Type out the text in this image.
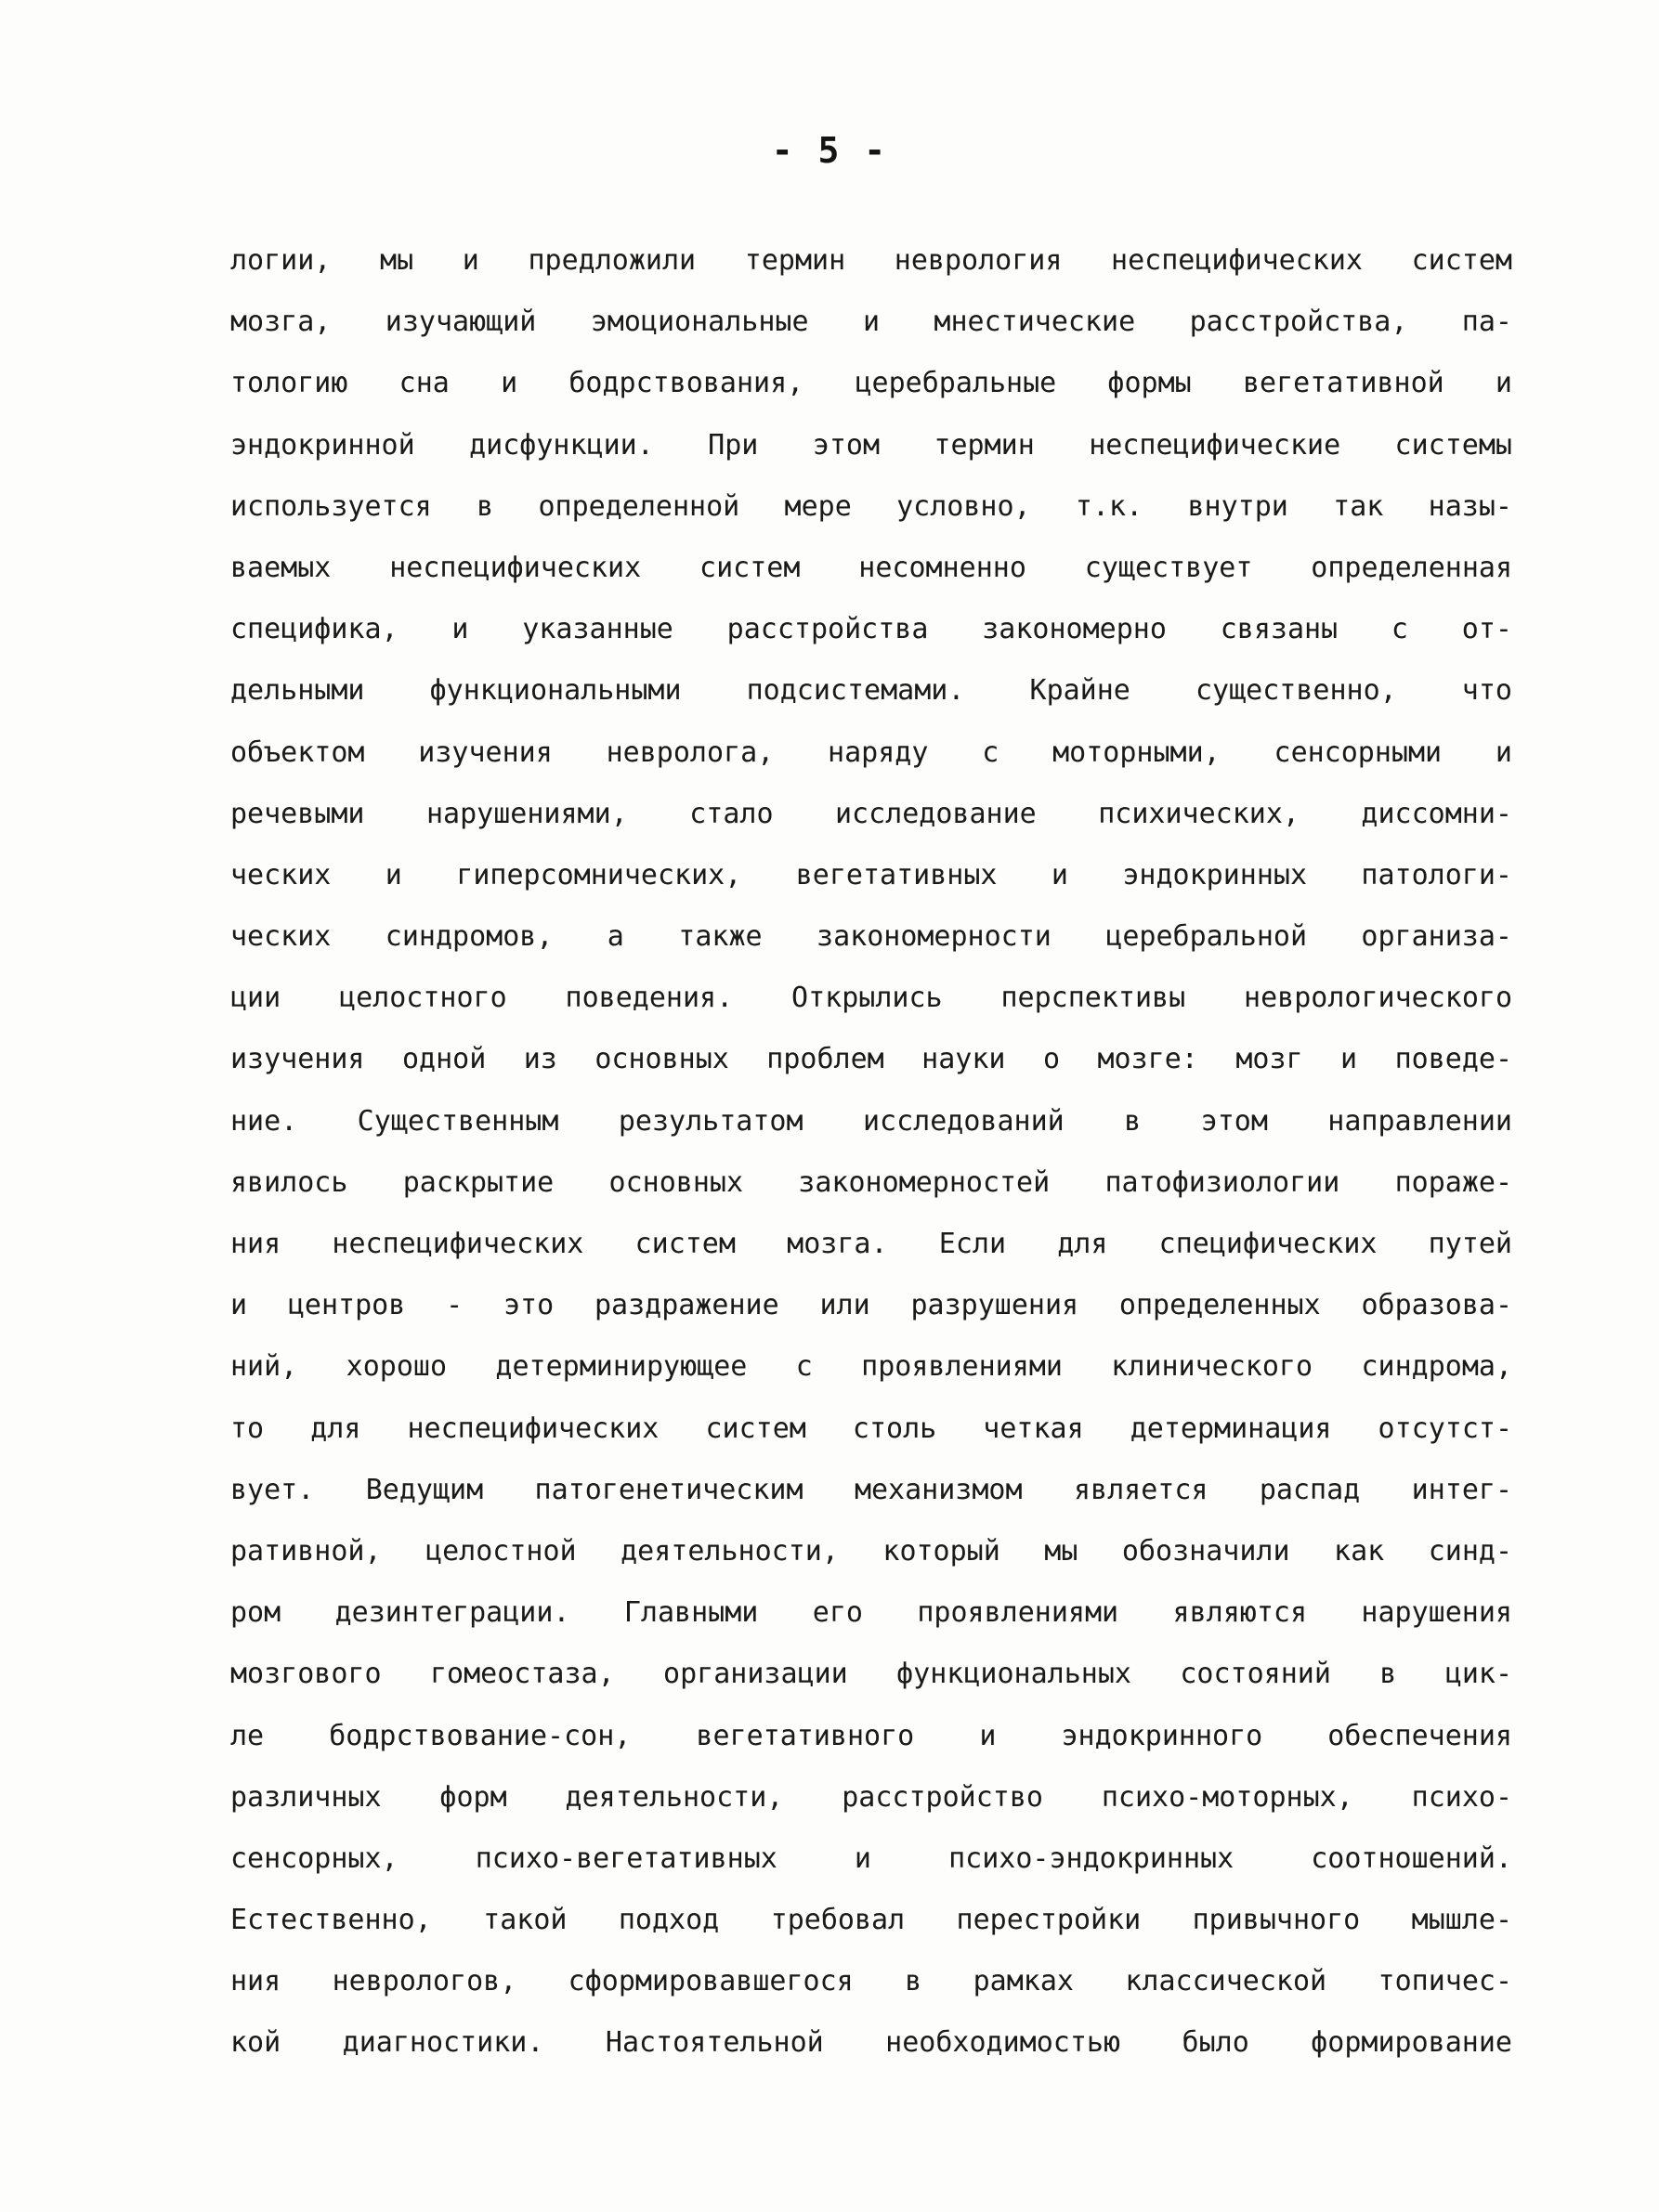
- 5 -
логии, мы и предложили термин неврология неспецифических систем
мозга, изучающий эмоциональные и мнестические расстройства, па-
тологию сна и бодрствования, церебральные формы вегетативной и
эндокринной дисфункции. При этом термин неспецифические системы
используется в определенной мере условно, т.к. внутри так назы-
ваемых неспецифических систем несомненно существует определенная
специфика, и указанные расстройства закономерно связаны с от-
дельными функциональными подсистемами. Крайне существенно, что
объектом изучения невролога, наряду с моторными, сенсорными и
речевыми нарушениями, стало исследование психических, диссомни-
ческих и гиперсомнических, вегетативных и эндокринных патологи-
ческих синдромов, а также закономерности церебральной организа-
ции целостного поведения. Открылись перспективы неврологического
изучения одной из основных проблем науки о мозге: мозг и поведе-
ние. Существенным результатом исследований в этом направлении
явилось раскрытие основных закономерностей патофизиологии пораже-
ния неспецифических систем мозга. Если для специфических путей
и центров - это раздражение или разрушения определенных образова-
ний, хорошо детерминирующее с проявлениями клинического синдрома,
то для неспецифических систем столь четкая детерминация отсутст-
вует. Ведущим патогенетическим механизмом является распад интег-
ративной, целостной деятельности, который мы обозначили как синд-
ром дезинтеграции. Главными его проявлениями являются нарушения
мозгового гомеостаза, организации функциональных состояний в цик-
ле бодрствование-сон, вегетативного и эндокринного обеспечения
различных форм деятельности, расстройство психо-моторных, психо-
сенсорных, психо-вегетативных и психо-эндокринных соотношений.
Естественно, такой подход требовал перестройки привычного мышле-
ния неврологов, сформировавшегося в рамках классической топичес-
кой диагностики. Настоятельной необходимостью было формирование
